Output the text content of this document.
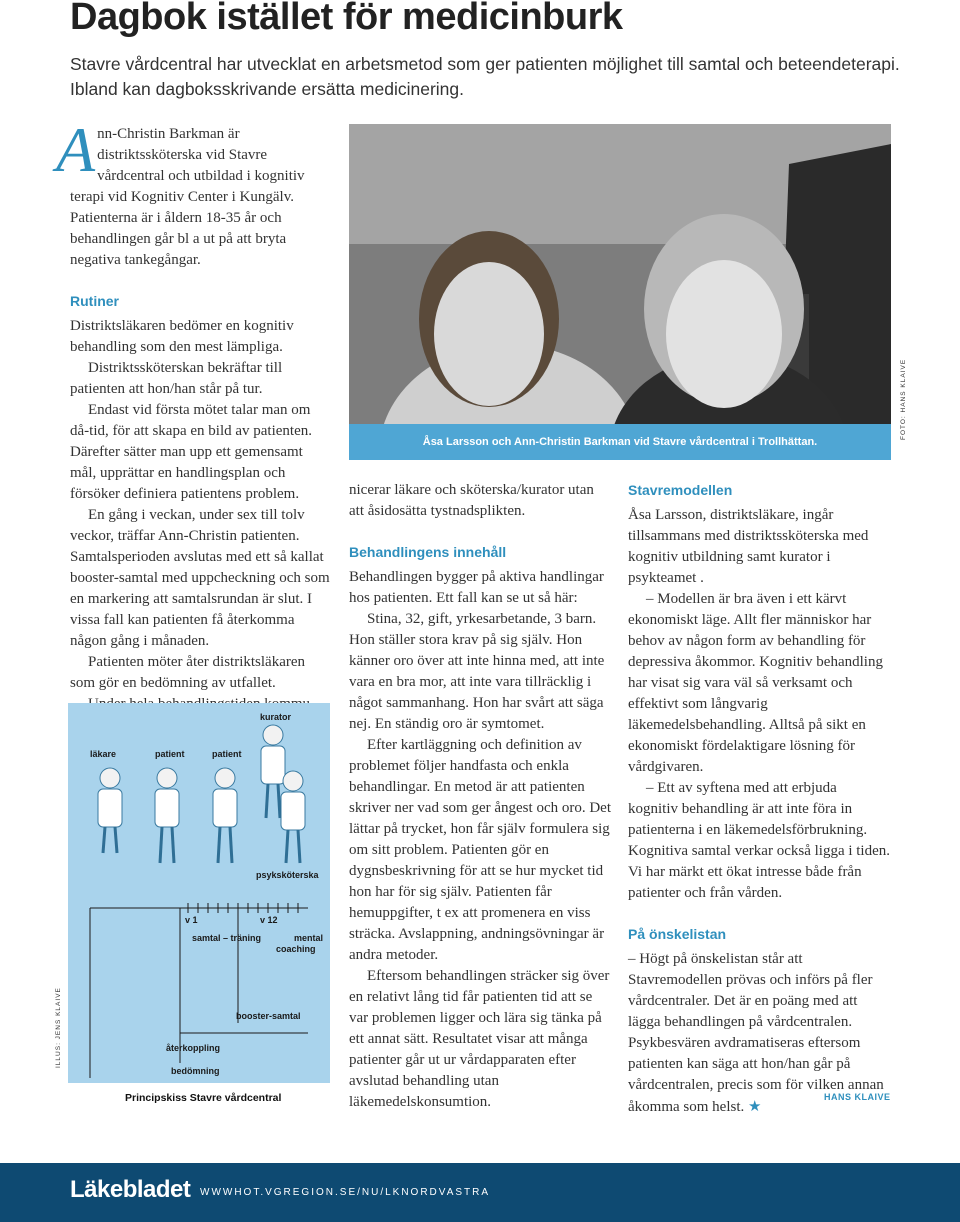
Dagbok istället för medicinburk
Stavre vårdcentral har utvecklat en arbetsmetod som ger patienten möjlighet till samtal och beteendeterapi. Ibland kan dagboksskrivande ersätta medicinering.

Ann-Christin Barkman är distriktssköterska vid Stavre vårdcentral och utbildad i kognitiv terapi vid Kognitiv Center i Kungälv. Patienterna är i åldern 18-35 år och behandlingen går bl a ut på att bryta negativa tankegångar.

Rutiner

Distriktsläkaren bedömer en kognitiv behandling som den mest lämpliga.

Distriktssköterskan bekräftar till patienten att hon/han står på tur.

Endast vid första mötet talar man om då-tid, för att skapa en bild av patienten. Därefter sätter man upp ett gemensamt mål, upprättar en handlingsplan och försöker definiera patientens problem.

En gång i veckan, under sex till tolv veckor, träffar Ann-Christin patienten. Samtalsperioden avslutas med ett så kallat booster-samtal med uppcheckning och som en markering att samtalsrundan är slut. I vissa fall kan patienten få återkomma någon gång i månaden.

Patienten möter åter distriktsläkaren som gör en bedömning av utfallet.

Åsa Larsson och Ann-Christin Barkman vid Stavre vårdcentral i Trollhättan.
FOTO: HANS KLAIVE
läkare	patient	patient
kurator
psyksköterska
v 1	v 12
samtal – träning	mental
coaching
booster-samtal
återkoppling
bedömning
ILLUS: JENS KLAIVE
Principskiss Stavre vårdcentral

nicerar läkare och sköterska/kurator utan att åsidosätta tystnadsplikten.

Behandlingens innehåll

Behandlingen bygger på aktiva handlingar hos patienten. Ett fall kan se ut så här:

Stina, 32, gift, yrkesarbetande, 3 barn. Hon ställer stora krav på sig själv. Hon känner oro över att inte hinna med, att inte vara en bra mor, att inte vara tillräcklig i något sammanhang. Hon har svårt att säga nej. En ständig oro är symtomet.

Efter kartläggning och definition av problemet följer handfasta och enkla behandlingar. En metod är att patienten skriver ner vad som ger ångest och oro. Det lättar på trycket, hon får själv formulera sig om sitt problem. Patienten gör en dygnsbeskrivning för att se hur mycket tid hon har för sig själv. Patienten får hemuppgifter, t ex att promenera en viss sträcka. Avslappning, andningsövningar är andra metoder.

Eftersom behandlingen sträcker sig över en relativt lång tid får patienten tid att se var problemen ligger och lära sig tänka på ett annat sätt. Resultatet visar att många patienter går ut ur vårdapparaten efter avslutad behandling utan läkemedelskonsumtion.

Stavremodellen

Åsa Larsson, distriktsläkare, ingår tillsammans med distriktssköterska med kognitiv utbildning samt kurator i psykteamet .

– Modellen är bra även i ett kärvt ekonomiskt läge. Allt fler människor har behov av någon form av behandling för depressiva åkommor. Kognitiv behandling har visat sig vara väl så verksamt och effektivt som långvarig läkemedelsbehandling. Alltså på sikt en ekonomiskt fördelaktigare lösning för vårdgivaren.

– Ett av syftena med att erbjuda kognitiv behandling är att inte föra in patienterna i en läkemedelsförbrukning. Kognitiva samtal verkar också ligga i tiden. Vi har märkt ett ökat intresse både från patienter och från vården.

På önskelistan

– Högt på önskelistan står att Stavremodellen prövas och införs på fler vårdcentraler. Det är en poäng med att lägga behandlingen på vårdcentralen. Psykbesvären avdramatiseras eftersom patienten kan säga att hon/han går på vårdcentralen, precis som för vilken annan åkomma som helst. ★	HANS KLAIVE
Läkebladet WWWHOT.VGREGION.SE/NU/LKNORDVASTRA
